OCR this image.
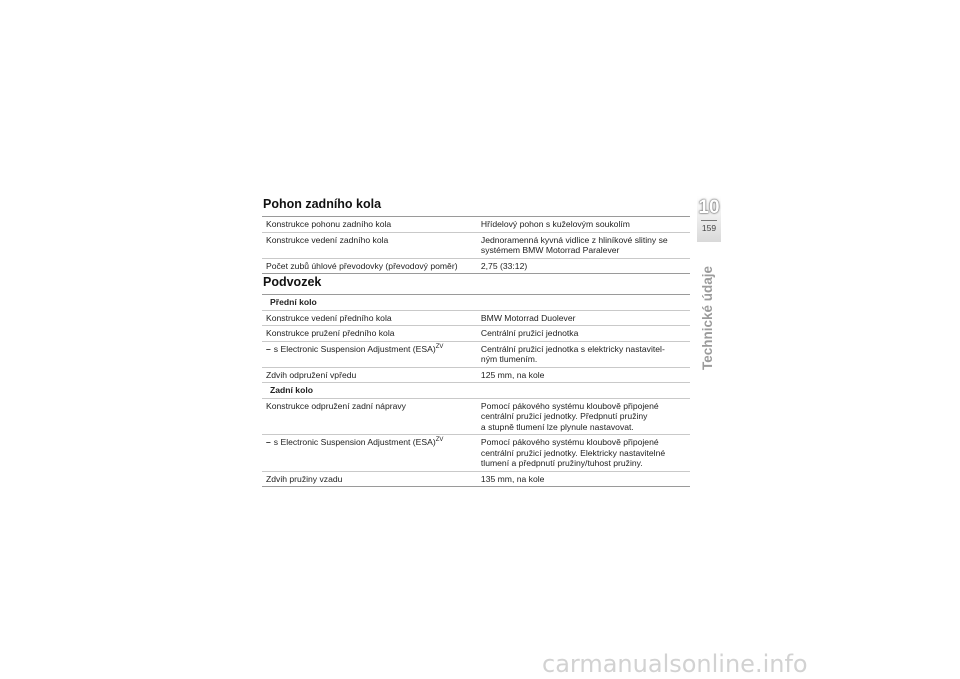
Pohon zadního kola
Konstrukce pohonu zadního kola	Hřídelový pohon s kuželovým soukolím
Konstrukce vedení zadního kola	Jednoramenná kyvná vidlice z hliníkové slitiny se
systémem BMW Motorrad Paralever
Počet zubů úhlové převodovky (převodový poměr)	2,75 (33:12)
Podvozek
Přední kolo	
Konstrukce vedení předního kola	BMW Motorrad Duolever
Konstrukce pružení předního kola	Centrální pružicí jednotka
– s Electronic Suspension Adjustment (ESA)$^{ZV}$	Centrální pružicí jednotka s elektricky nastavitel-
ným tlumením.
Zdvih odpružení vpředu	125 mm, na kole
Zadní kolo	
Konstrukce odpružení zadní nápravy	Pomocí pákového systému kloubově připojené
centrální pružicí jednotky. Předpnutí pružiny
a stupně tlumení lze plynule nastavovat.
– s Electronic Suspension Adjustment (ESA)$^{ZV}$	Pomocí pákového systému kloubově připojené
centrální pružicí jednotky. Elektricky nastavitelné
tlumení a předpnutí pružiny/tuhost pružiny.
Zdvih pružiny vzadu	135 mm, na kole
10
159
Technické údaje
carmanualsonline.info
